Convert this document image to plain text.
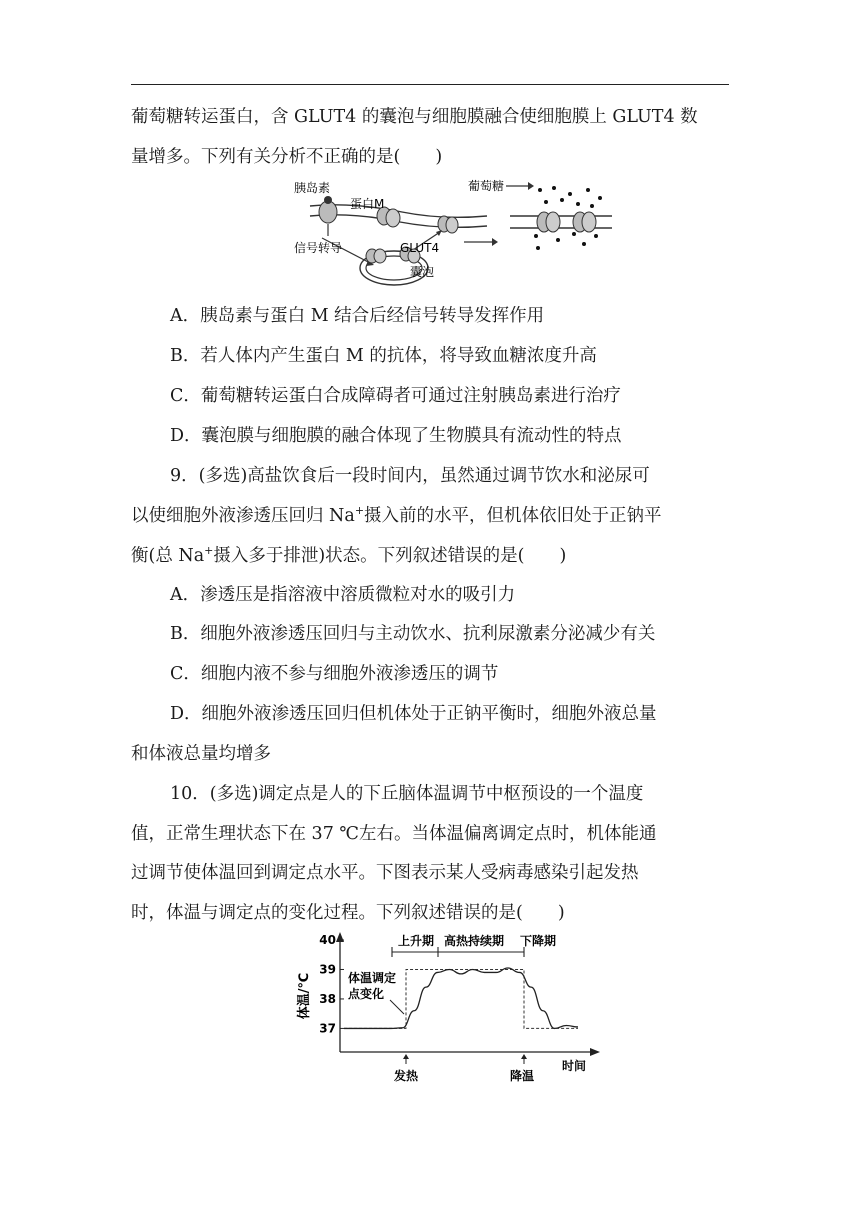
葡萄糖转运蛋白，含 GLUT4 的囊泡与细胞膜融合使细胞膜上 GLUT4 数
量增多。下列有关分析不正确的是(　　)
胰岛素
蛋白M
信号转导	GLUT4
囊泡
葡萄糖
A．胰岛素与蛋白 M 结合后经信号转导发挥作用
B．若人体内产生蛋白 M 的抗体，将导致血糖浓度升高
C．葡萄糖转运蛋白合成障碍者可通过注射胰岛素进行治疗
D．囊泡膜与细胞膜的融合体现了生物膜具有流动性的特点
9．(多选)高盐饮食后一段时间内，虽然通过调节饮水和泌尿可
以使细胞外液渗透压回归 Na+摄入前的水平，但机体依旧处于正钠平
衡(总 Na+摄入多于排泄)状态。下列叙述错误的是(　　)
A．渗透压是指溶液中溶质微粒对水的吸引力
B．细胞外液渗透压回归与主动饮水、抗利尿激素分泌减少有关
C．细胞内液不参与细胞外液渗透压的调节
D．细胞外液渗透压回归但机体处于正钠平衡时，细胞外液总量
和体液总量均增多
10．(多选)调定点是人的下丘脑体温调节中枢预设的一个温度
值，正常生理状态下在 37 ℃左右。当体温偏离调定点时，机体能通
过调节使体温回到调定点水平。下图表示某人受病毒感染引起发热
时，体温与调定点的变化过程。下列叙述错误的是(　　)
37
38
39
40
体温/℃
时间
上升期 高热持续期 下降期
体温调定
点变化
发热	降温
